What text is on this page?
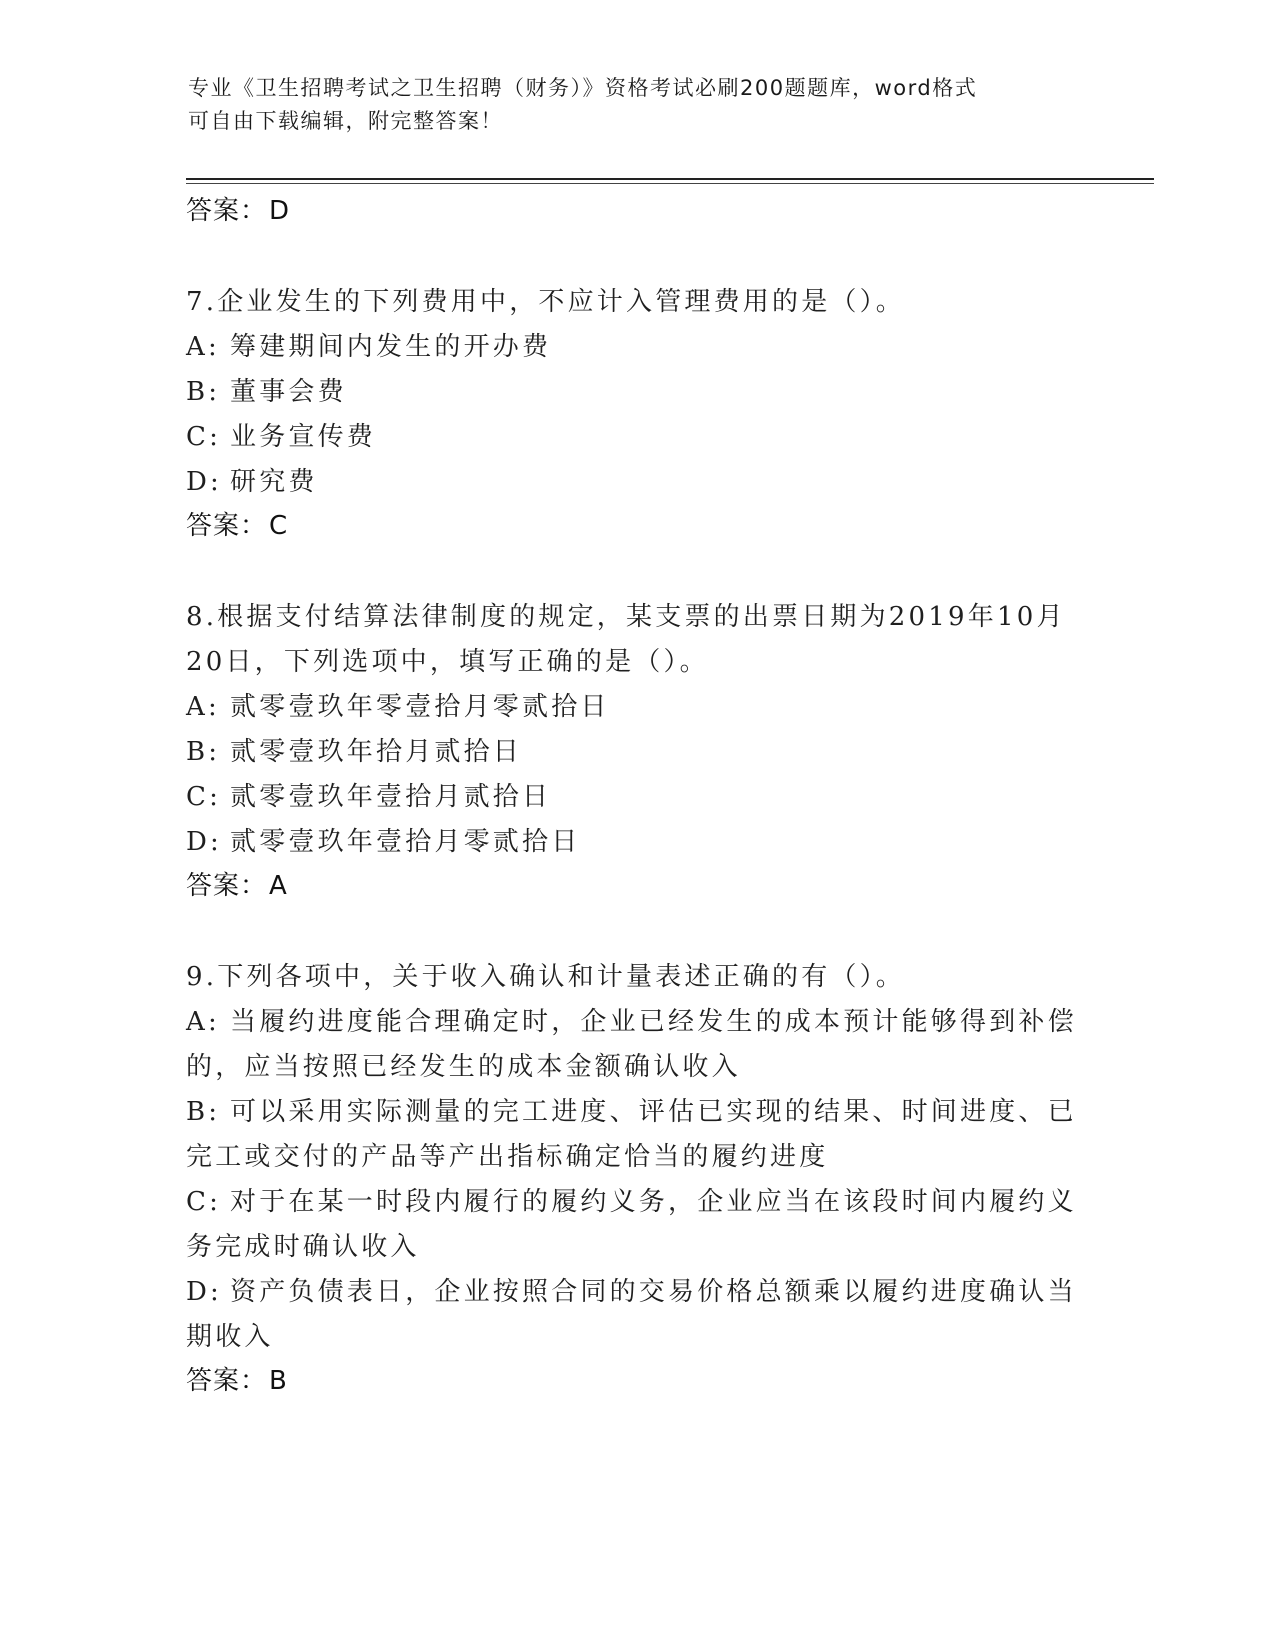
专业《卫生招聘考试之卫生招聘（财务）》资格考试必刷200题题库，word格式
可自由下载编辑，附完整答案！
答案：D
7.企业发生的下列费用中，不应计入管理费用的是（）。
A: 筹建期间内发生的开办费
B: 董事会费
C: 业务宣传费
D: 研究费
答案：C
8.根据支付结算法律制度的规定，某支票的出票日期为2019年10月
20日，下列选项中，填写正确的是（）。
A: 贰零壹玖年零壹拾月零贰拾日
B: 贰零壹玖年拾月贰拾日
C: 贰零壹玖年壹拾月贰拾日
D: 贰零壹玖年壹拾月零贰拾日
答案：A
9.下列各项中，关于收入确认和计量表述正确的有（）。
A: 当履约进度能合理确定时，企业已经发生的成本预计能够得到补偿
的，应当按照已经发生的成本金额确认收入
B: 可以采用实际测量的完工进度、评估已实现的结果、时间进度、已
完工或交付的产品等产出指标确定恰当的履约进度
C: 对于在某一时段内履行的履约义务，企业应当在该段时间内履约义
务完成时确认收入
D: 资产负债表日，企业按照合同的交易价格总额乘以履约进度确认当
期收入
答案：B
